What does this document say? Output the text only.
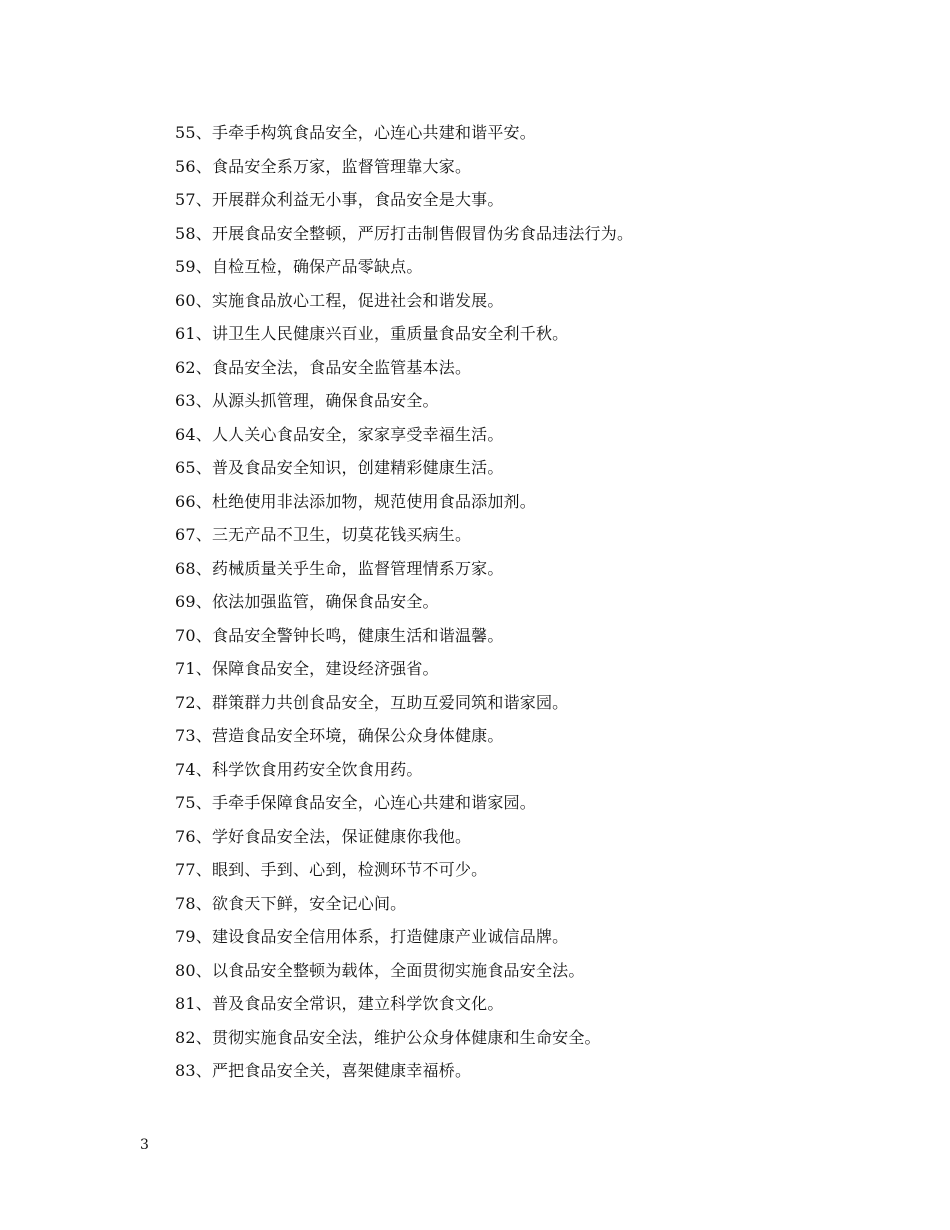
55、手牵手构筑食品安全，心连心共建和谐平安。
56、食品安全系万家，监督管理靠大家。
57、开展群众利益无小事，食品安全是大事。
58、开展食品安全整顿，严厉打击制售假冒伪劣食品违法行为。
59、自检互检，确保产品零缺点。
60、实施食品放心工程，促进社会和谐发展。
61、讲卫生人民健康兴百业，重质量食品安全利千秋。
62、食品安全法，食品安全监管基本法。
63、从源头抓管理，确保食品安全。
64、人人关心食品安全，家家享受幸福生活。
65、普及食品安全知识，创建精彩健康生活。
66、杜绝使用非法添加物，规范使用食品添加剂。
67、三无产品不卫生，切莫花钱买病生。
68、药械质量关乎生命，监督管理情系万家。
69、依法加强监管，确保食品安全。
70、食品安全警钟长鸣，健康生活和谐温馨。
71、保障食品安全，建设经济强省。
72、群策群力共创食品安全，互助互爱同筑和谐家园。
73、营造食品安全环境，确保公众身体健康。
74、科学饮食用药安全饮食用药。
75、手牵手保障食品安全，心连心共建和谐家园。
76、学好食品安全法，保证健康你我他。
77、眼到、手到、心到，检测环节不可少。
78、欲食天下鲜，安全记心间。
79、建设食品安全信用体系，打造健康产业诚信品牌。
80、以食品安全整顿为载体，全面贯彻实施食品安全法。
81、普及食品安全常识，建立科学饮食文化。
82、贯彻实施食品安全法，维护公众身体健康和生命安全。
83、严把食品安全关，喜架健康幸福桥。
3
